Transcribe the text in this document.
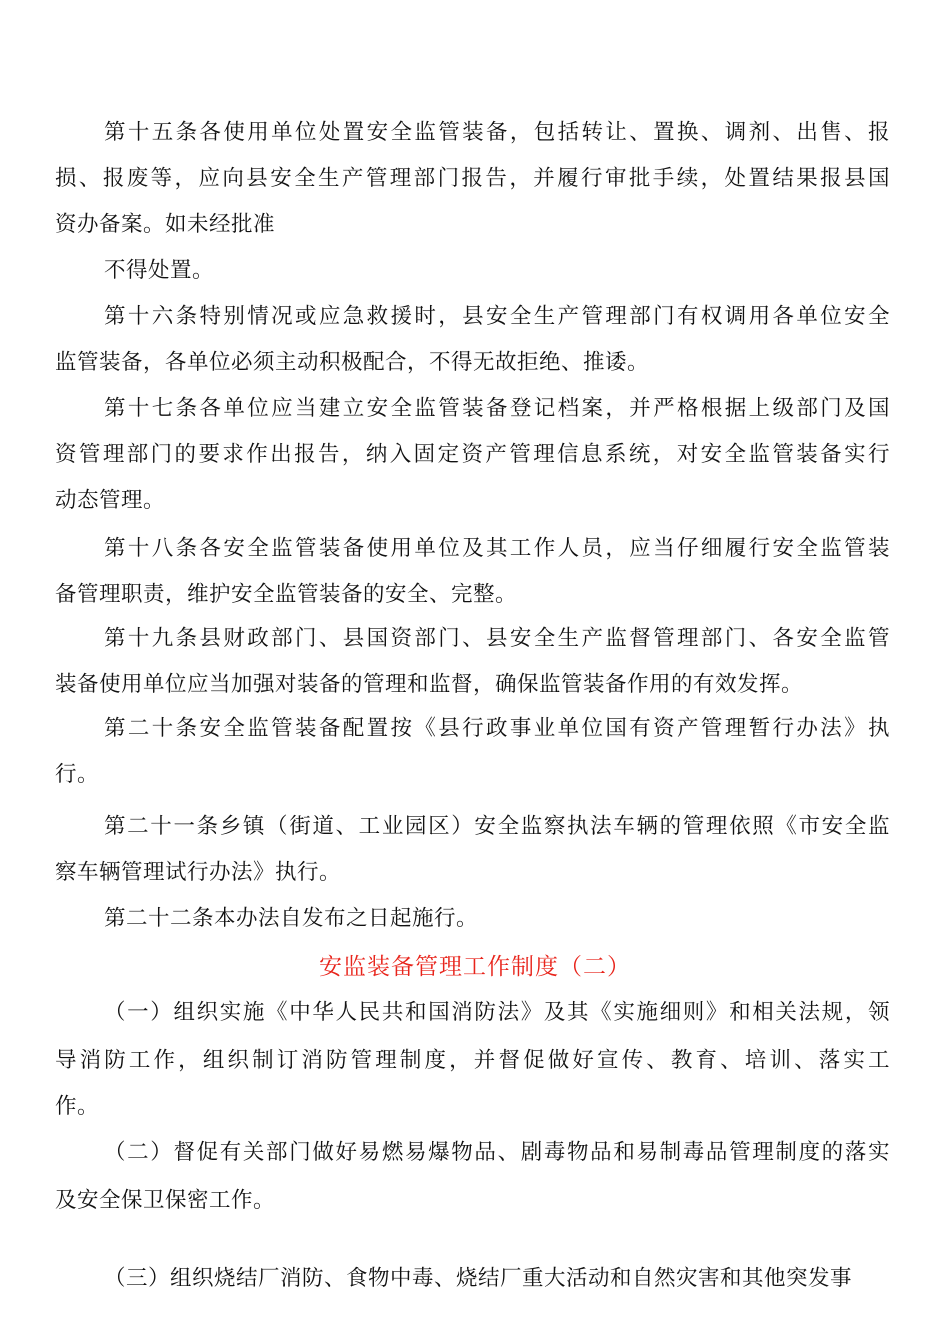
第十五条各使用单位处置安全监管装备，包括转让、置换、调剂、出售、报
损、报废等，应向县安全生产管理部门报告，并履行审批手续，处置结果报县国
资办备案。如未经批准
不得处置。
第十六条特别情况或应急救援时，县安全生产管理部门有权调用各单位安全
监管装备，各单位必须主动积极配合，不得无故拒绝、推诿。
第十七条各单位应当建立安全监管装备登记档案，并严格根据上级部门及国
资管理部门的要求作出报告，纳入固定资产管理信息系统，对安全监管装备实行
动态管理。
第十八条各安全监管装备使用单位及其工作人员，应当仔细履行安全监管装
备管理职责，维护安全监管装备的安全、完整。
第十九条县财政部门、县国资部门、县安全生产监督管理部门、各安全监管
装备使用单位应当加强对装备的管理和监督，确保监管装备作用的有效发挥。
第二十条安全监管装备配置按《县行政事业单位国有资产管理暂行办法》执
行。
第二十一条乡镇（街道、工业园区）安全监察执法车辆的管理依照《市安全监
察车辆管理试行办法》执行。
第二十二条本办法自发布之日起施行。
安监装备管理工作制度（二）
（一）组织实施《中华人民共和国消防法》及其《实施细则》和相关法规，领
导消防工作，组织制订消防管理制度，并督促做好宣传、教育、培训、落实工
作。
（二）督促有关部门做好易燃易爆物品、剧毒物品和易制毒品管理制度的落实
及安全保卫保密工作。
（三）组织烧结厂消防、食物中毒、烧结厂重大活动和自然灾害和其他突发事
